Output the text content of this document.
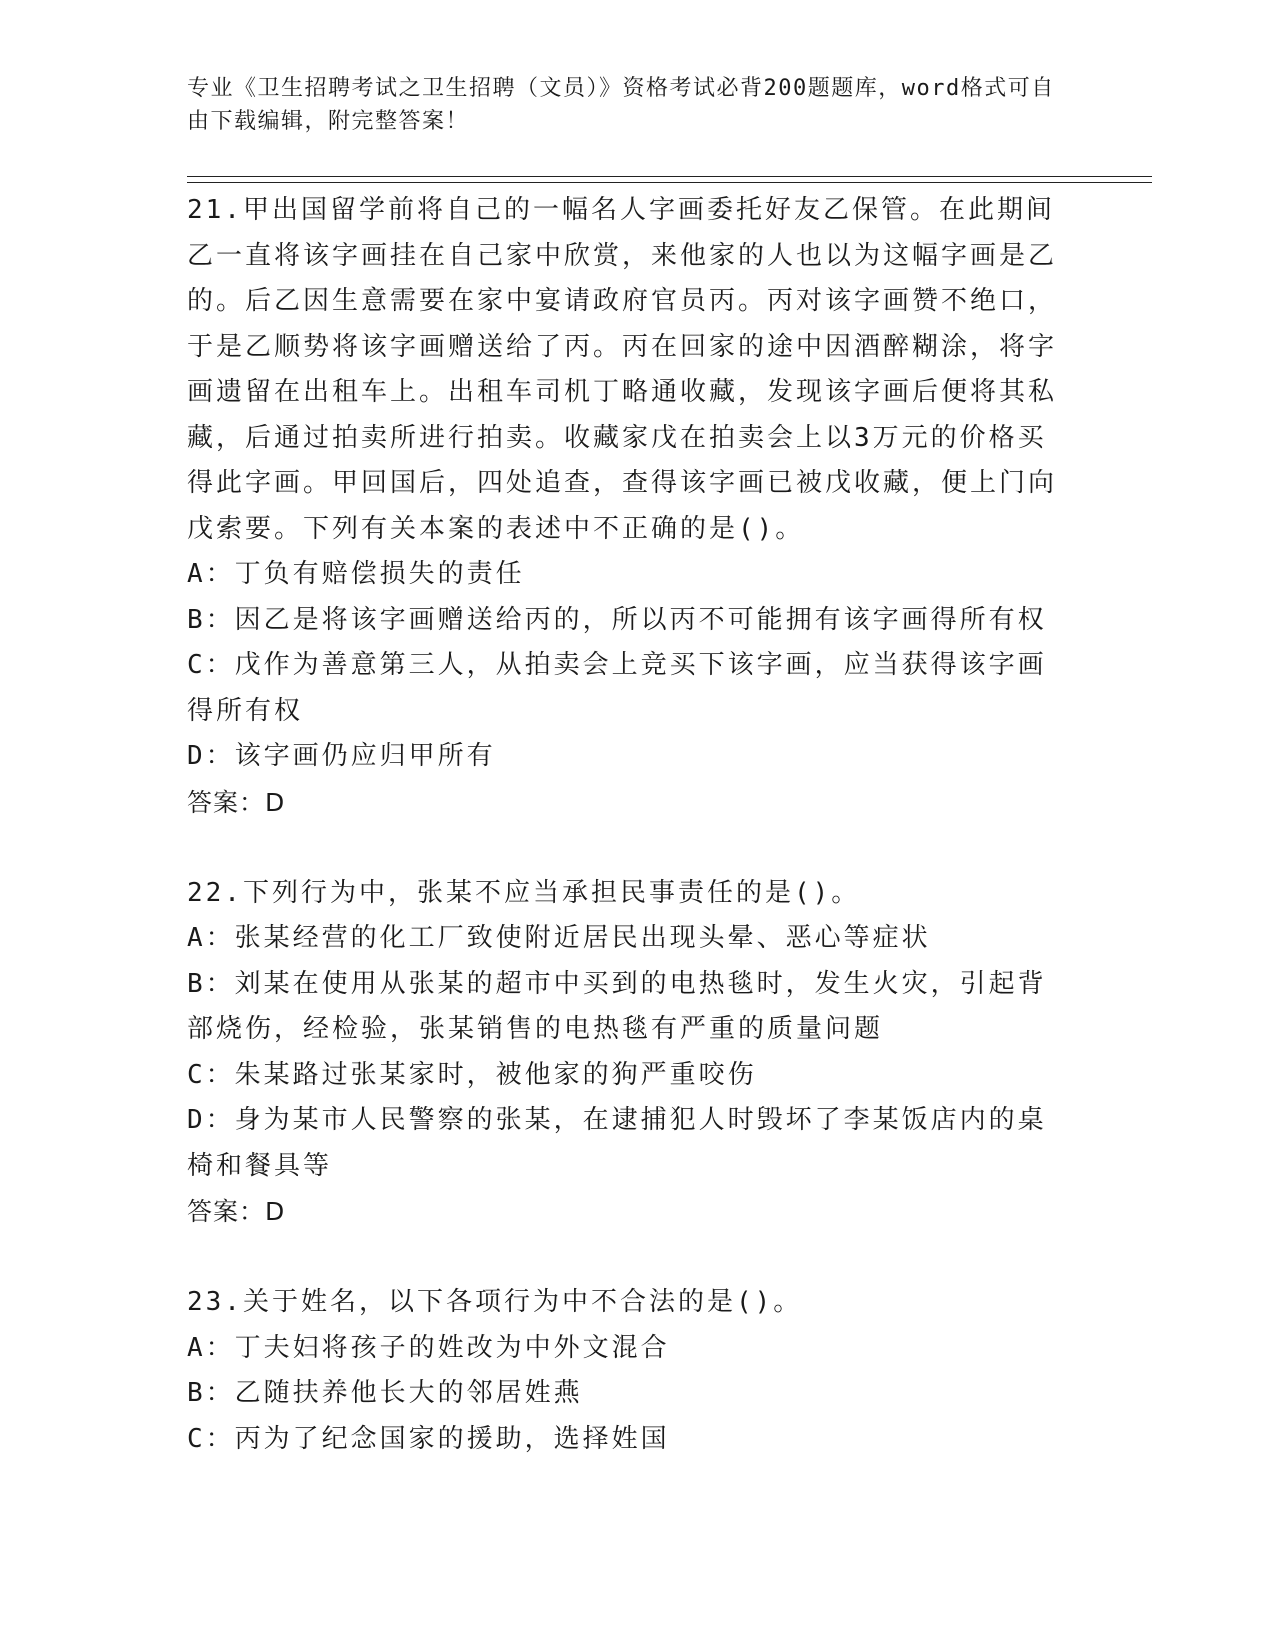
专业《卫生招聘考试之卫生招聘（文员）》资格考试必背200题题库，word格式可自由下载编辑，附完整答案！

21.甲出国留学前将自己的一幅名人字画委托好友乙保管。在此期间乙一直将该字画挂在自己家中欣赏，来他家的人也以为这幅字画是乙的。后乙因生意需要在家中宴请政府官员丙。丙对该字画赞不绝口，于是乙顺势将该字画赠送给了丙。丙在回家的途中因酒醉糊涂，将字画遗留在出租车上。出租车司机丁略通收藏，发现该字画后便将其私藏，后通过拍卖所进行拍卖。收藏家戊在拍卖会上以3万元的价格买得此字画。甲回国后，四处追查，查得该字画已被戊收藏，便上门向戊索要。下列有关本案的表述中不正确的是()。

A：丁负有赔偿损失的责任

B：因乙是将该字画赠送给丙的，所以丙不可能拥有该字画得所有权

C：戊作为善意第三人，从拍卖会上竞买下该字画，应当获得该字画得所有权

D：该字画仍应归甲所有

答案：D

22.下列行为中，张某不应当承担民事责任的是()。

A：张某经营的化工厂致使附近居民出现头晕、恶心等症状

B：刘某在使用从张某的超市中买到的电热毯时，发生火灾，引起背部烧伤，经检验，张某销售的电热毯有严重的质量问题

C：朱某路过张某家时，被他家的狗严重咬伤

D：身为某市人民警察的张某，在逮捕犯人时毁坏了李某饭店内的桌椅和餐具等

答案：D

23.关于姓名，以下各项行为中不合法的是()。

A：丁夫妇将孩子的姓改为中外文混合

B：乙随扶养他长大的邻居姓燕

C：丙为了纪念国家的援助，选择姓国
